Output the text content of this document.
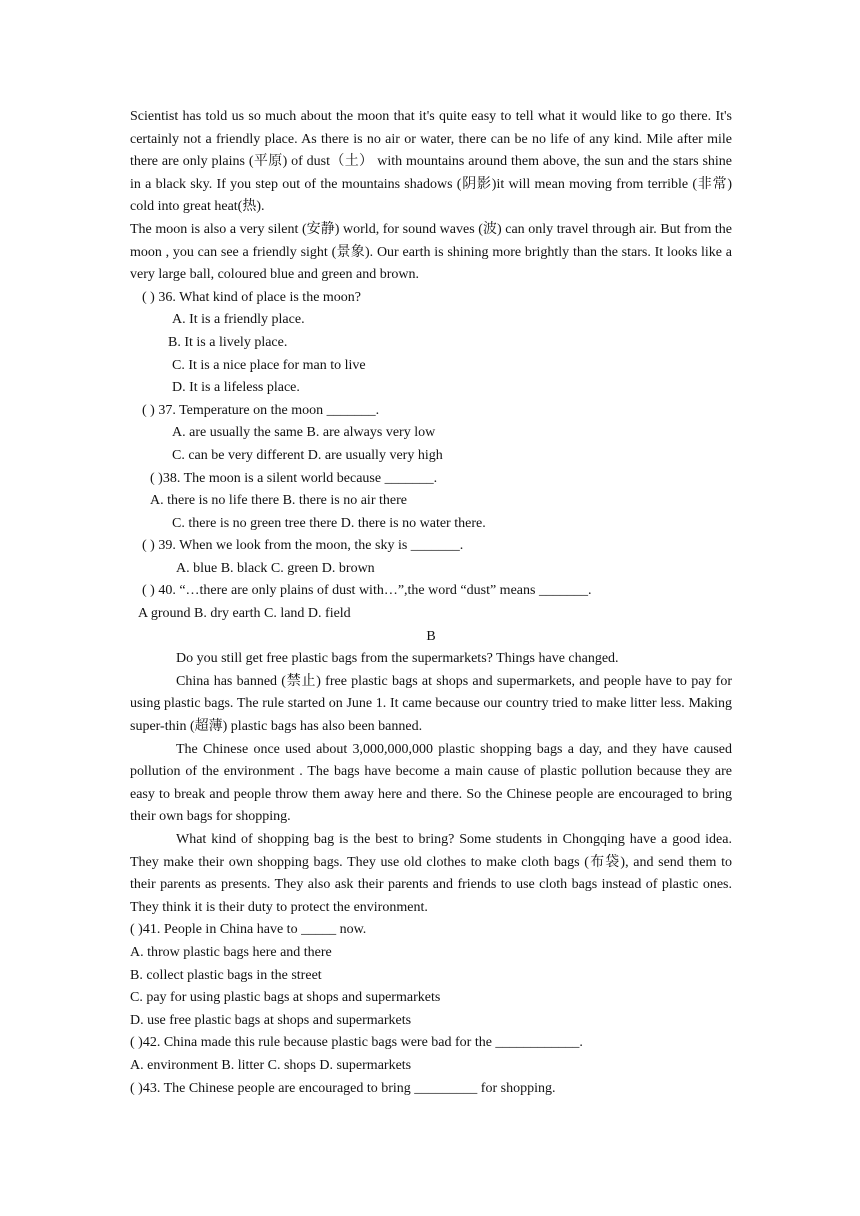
Scientist has told us so much about the moon that it's quite easy to tell what it would like to go there. It's certainly not a friendly place. As there is no air or water, there can be no life of any kind. Mile after mile there are only plains (平原) of dust（土） with mountains around them above, the sun and the stars shine in a black sky. If you step out of the mountains shadows (阴影)it will mean moving from terrible (非常) cold into great heat(热).

The moon is also a very silent (安静) world, for sound waves (波) can only travel through air. But from the moon , you can see a friendly sight (景象). Our earth is shining more brightly than the stars. It looks like a very large ball, coloured blue and green and brown.

( ) 36. What kind of place is the moon?

A. It is a friendly place.

B. It is a lively place.

C. It is a nice place for man to live

D. It is a lifeless place.

( ) 37. Temperature on the moon _______.

A. are usually the same B. are always very low

C. can be very different D. are usually very high

( )38. The moon is a silent world because _______.

A. there is no life there B. there is no air there

C. there is no green tree there D. there is no water there.

( ) 39. When we look from the moon, the sky is _______.

A. blue B. black C. green D. brown

( ) 40. “…there are only plains of dust with…”,the word “dust” means _______.

A ground B. dry earth C. land D. field

B

Do you still get free plastic bags from the supermarkets? Things have changed.

China has banned (禁止) free plastic bags at shops and supermarkets, and people have to pay for using plastic bags. The rule started on June 1. It came because our country tried to make litter less. Making super-thin (超薄) plastic bags has also been banned.

The Chinese once used about 3,000,000,000 plastic shopping bags a day, and they have caused pollution of the environment . The bags have become a main cause of plastic pollution because they are easy to break and people throw them away here and there. So the Chinese people are encouraged to bring their own bags for shopping.

What kind of shopping bag is the best to bring? Some students in Chongqing have a good idea. They make their own shopping bags. They use old clothes to make cloth bags (布袋), and send them to their parents as presents. They also ask their parents and friends to use cloth bags instead of plastic ones. They think it is their duty to protect the environment.

( )41. People in China have to _____ now.

A. throw plastic bags here and there

B. collect plastic bags in the street

C. pay for using plastic bags at shops and supermarkets

D. use free plastic bags at shops and supermarkets

( )42. China made this rule because plastic bags were bad for the ____________.

A. environment B. litter C. shops D. supermarkets

( )43. The Chinese people are encouraged to bring _________ for shopping.
